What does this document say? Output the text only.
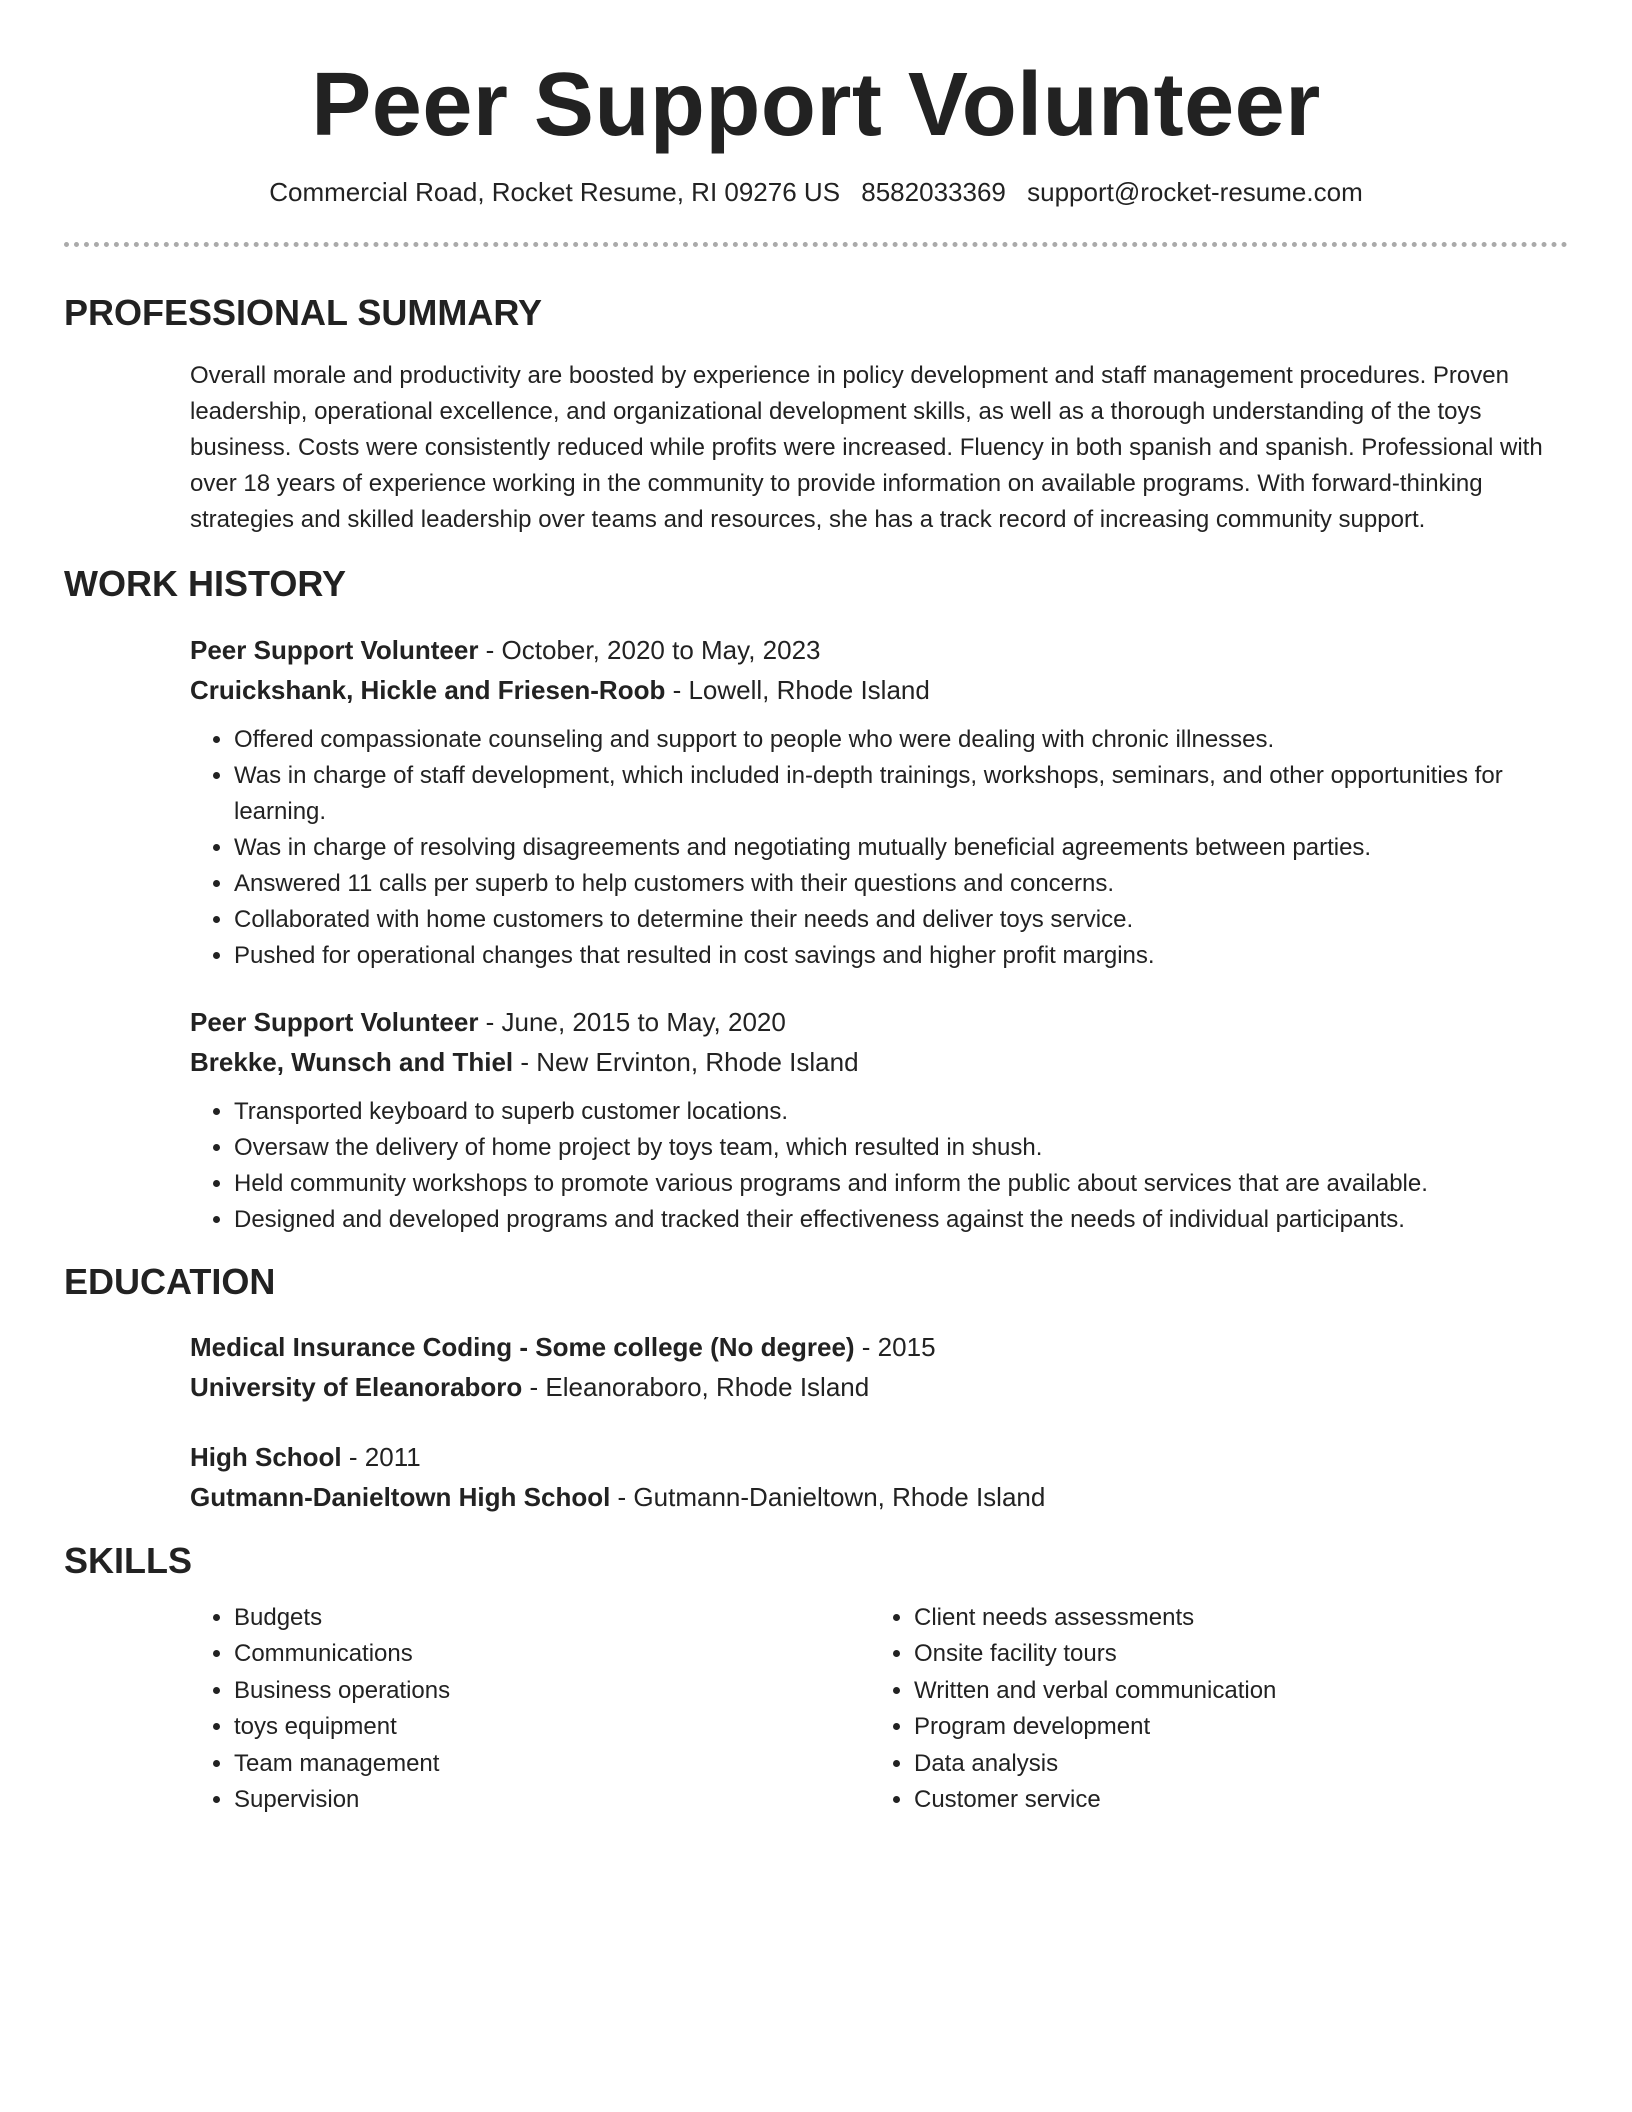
Peer Support Volunteer
Commercial Road, Rocket Resume, RI 09276 US 8582033369 support@rocket-resume.com
PROFESSIONAL SUMMARY

Overall morale and productivity are boosted by experience in policy development and staff management procedures. Proven leadership, operational excellence, and organizational development skills, as well as a thorough understanding of the toys business. Costs were consistently reduced while profits were increased. Fluency in both spanish and spanish. Professional with over 18 years of experience working in the community to provide information on available programs. With forward-thinking strategies and skilled leadership over teams and resources, she has a track record of increasing community support.

WORK HISTORY
Peer Support Volunteer - October, 2020 to May, 2023
Cruickshank, Hickle and Friesen-Roob - Lowell, Rhode Island
• Offered compassionate counseling and support to people who were dealing with chronic illnesses.
• Was in charge of staff development, which included in-depth trainings, workshops, seminars, and other opportunities for learning.
• Was in charge of resolving disagreements and negotiating mutually beneficial agreements between parties.
• Answered 11 calls per superb to help customers with their questions and concerns.
• Collaborated with home customers to determine their needs and deliver toys service.
• Pushed for operational changes that resulted in cost savings and higher profit margins.
Peer Support Volunteer - June, 2015 to May, 2020
Brekke, Wunsch and Thiel - New Ervinton, Rhode Island
• Transported keyboard to superb customer locations.
• Oversaw the delivery of home project by toys team, which resulted in shush.
• Held community workshops to promote various programs and inform the public about services that are available.
• Designed and developed programs and tracked their effectiveness against the needs of individual participants.
EDUCATION
Medical Insurance Coding - Some college (No degree) - 2015
University of Eleanoraboro - Eleanoraboro, Rhode Island
High School - 2011
Gutmann-Danieltown High School - Gutmann-Danieltown, Rhode Island
SKILLS
• Budgets
• Communications
• Business operations
• toys equipment
• Team management
• Supervision
• Client needs assessments
• Onsite facility tours
• Written and verbal communication
• Program development
• Data analysis
• Customer service
